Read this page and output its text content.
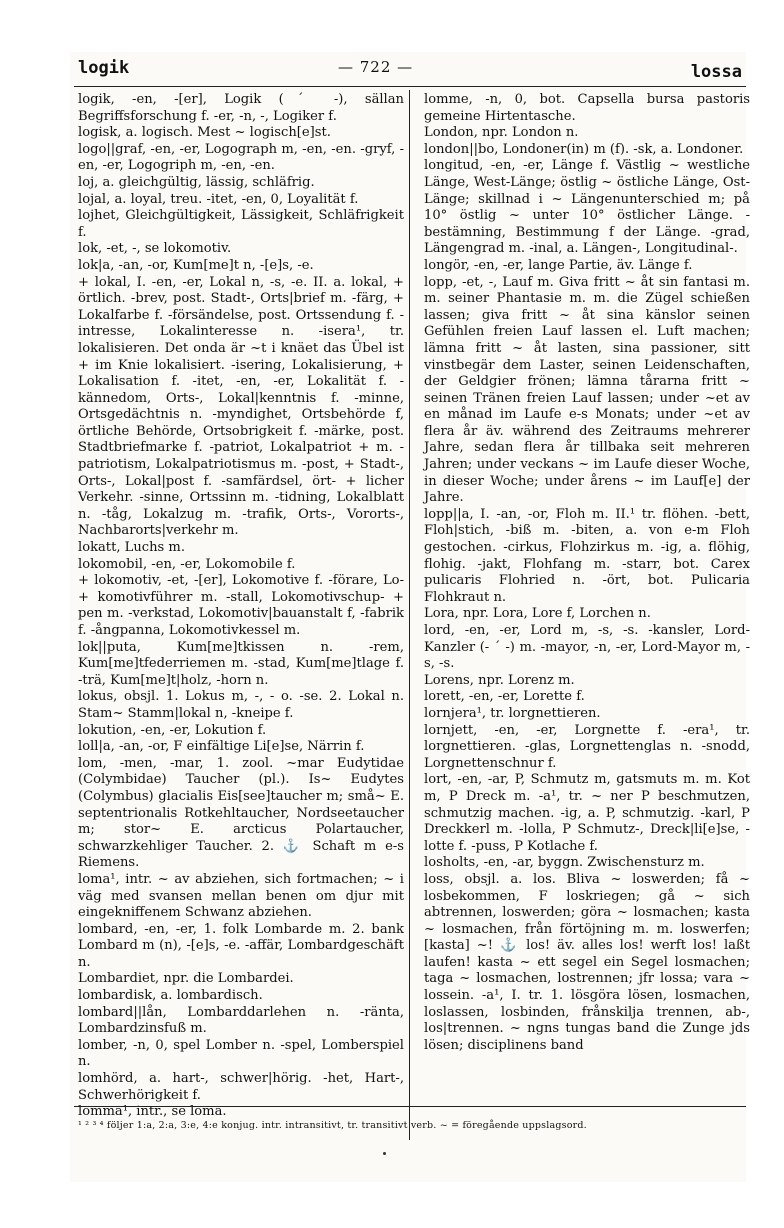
logik	— 722 —	lossa

logik, -en, -[er], Logik (ˊ -), sällan Begriffsforschung f. -er, -n, -, Logiker f.

logisk, a. logisch. Mest ~ logisch[e]st.

logo||graf, -en, -er, Logograph m, -en, -en. -gryf, -en, -er, Logogriph m, -en, -en.

loj, a. gleichgültig, lässig, schläfrig.

lojal, a. loyal, treu. -itet, -en, 0, Loyalität f.

lojhet, Gleichgültigkeit, Lässigkeit, Schläfrigkeit f.

lok, -et, -, se lokomotiv.

lok|a, -an, -or, Kum[me]t n, -[e]s, -e.

+ lokal, I. -en, -er, Lokal n, -s, -e. II. a. lokal, + örtlich. -brev, post. Stadt-, Orts|brief m. -färg, + Lokalfarbe f. -försändelse, post. Ortssendung f. -intresse, Lokalinteresse n. -isera¹, tr. lokalisieren. Det onda är ~t i knäet das Übel ist + im Knie lokalisiert. -isering, Lokalisierung, + Lokalisation f. -itet, -en, -er, Lokalität f. -kännedom, Orts-, Lokal|kenntnis f. -minne, Ortsgedächtnis n. -myndighet, Ortsbehörde f, örtliche Behörde, Ortsobrigkeit f. -märke, post. Stadtbriefmarke f. -patriot, Lokalpatriot + m. -patriotism, Lokalpatriotismus m. -post, + Stadt-, Orts-, Lokal|post f. -samfärdsel, ört- + licher Verkehr. -sinne, Ortssinn m. -tidning, Lokalblatt n. -tåg, Lokalzug m. -trafik, Orts-, Vororts-, Nachbarorts|verkehr m.

lokatt, Luchs m.

lokomobil, -en, -er, Lokomobile f.

+ lokomotiv, -et, -[er], Lokomotive f. -förare, Lo- + komotivführer m. -stall, Lokomotivschup- + pen m. -verkstad, Lokomotiv|bauanstalt f, -fabrik f. -ångpanna, Lokomotivkessel m.

lok||puta, Kum[me]tkissen n. -rem, Kum[me]tfederriemen m. -stad, Kum[me]tlage f. -trä, Kum[me]t|holz, -horn n.

lokus, obsjl. 1. Lokus m, -, - o. -se. 2. Lokal n. Stam~ Stamm|lokal n, -kneipe f.

lokution, -en, -er, Lokution f.

loll|a, -an, -or, F einfältige Li[e]se, Närrin f.

lom, -men, -mar, 1. zool. ~mar Eudytidae (Colymbidae) Taucher (pl.). Is~ Eudytes (Colymbus) glacialis Eis[see]taucher m; små~ E. septentrionalis Rotkehltaucher, Nordseetaucher m; stor~ E. arcticus Polartaucher, schwarzkehliger Taucher. 2. ⚓ Schaft m e-s Riemens.

loma¹, intr. ~ av abziehen, sich fortmachen; ~ i väg med svansen mellan benen om djur mit eingekniffenem Schwanz abziehen.

lombard, -en, -er, 1. folk Lombarde m. 2. bank Lombard m (n), -[e]s, -e. -affär, Lombardgeschäft n.

Lombardiet, npr. die Lombardei.

lombardisk, a. lombardisch.

lombard||lån, Lombarddarlehen n. -ränta, Lombardzinsfuß m.

lomber, -n, 0, spel Lomber n. -spel, Lomberspiel n.

lomhörd, a. hart-, schwer|hörig. -het, Hart-, Schwerhörigkeit f.

lomma¹, intr., se loma.

lomme, -n, 0, bot. Capsella bursa pastoris gemeine Hirtentasche.

London, npr. London n.

london||bo, Londoner(in) m (f). -sk, a. Londoner.

longitud, -en, -er, Länge f. Västlig ~ westliche Länge, West-Länge; östlig ~ östliche Länge, Ost-Länge; skillnad i ~ Längenunterschied m; på 10° östlig ~ unter 10° östlicher Länge. -bestämning, Bestimmung f der Länge. -grad, Längengrad m. -inal, a. Längen-, Longitudinal-.

longör, -en, -er, lange Partie, äv. Länge f.

lopp, -et, -, Lauf m. Giva fritt ~ åt sin fantasi m. m. seiner Phantasie m. m. die Zügel schießen lassen; giva fritt ~ åt sina känslor seinen Gefühlen freien Lauf lassen el. Luft machen; lämna fritt ~ åt lasten, sina passioner, sitt vinstbegär dem Laster, seinen Leidenschaften, der Geldgier frönen; lämna tårarna fritt ~ seinen Tränen freien Lauf lassen; under ~et av en månad im Laufe e-s Monats; under ~et av flera år äv. während des Zeitraums mehrerer Jahre, sedan flera år tillbaka seit mehreren Jahren; under veckans ~ im Laufe dieser Woche, in dieser Woche; under årens ~ im Lauf[e] der Jahre.

lopp||a, I. -an, -or, Floh m. II.¹ tr. flöhen. -bett, Floh|stich, -biß m. -biten, a. von e-m Floh gestochen. -cirkus, Flohzirkus m. -ig, a. flöhig, flohig. -jakt, Flohfang m. -starr, bot. Carex pulicaris Flohried n. -ört, bot. Pulicaria Flohkraut n.

Lora, npr. Lora, Lore f, Lorchen n.

lord, -en, -er, Lord m, -s, -s. -kansler, Lord-Kanzler (- ˊ -) m. -mayor, -n, -er, Lord-Mayor m, -s, -s.

Lorens, npr. Lorenz m.

lorett, -en, -er, Lorette f.

lornjera¹, tr. lorgnettieren.

lornjett, -en, -er, Lorgnette f. -era¹, tr. lorgnettieren. -glas, Lorgnettenglas n. -snodd, Lorgnettenschnur f.

lort, -en, -ar, P, Schmutz m, gatsmuts m. m. Kot m, P Dreck m. -a¹, tr. ~ ner P beschmutzen, schmutzig machen. -ig, a. P, schmutzig. -karl, P Dreckkerl m. -lolla, P Schmutz-, Dreck|li[e]se, -lotte f. -puss, P Kotlache f.

losholts, -en, -ar, byggn. Zwischensturz m.

loss, obsjl. a. los. Bliva ~ loswerden; få ~ losbekommen, F loskriegen; gå ~ sich abtrennen, loswerden; göra ~ losmachen; kasta ~ losmachen, från förtöjning m. m. loswerfen; [kasta] ~! ⚓ los! äv. alles los! werft los! laßt laufen! kasta ~ ett segel ein Segel losmachen; taga ~ losmachen, lostrennen; jfr lossa; vara ~ lossein. -a¹, I. tr. 1. lösgöra lösen, losmachen, loslassen, losbinden, frånskilja trennen, ab-, los|trennen. ~ ngns tungas band die Zunge jds lösen; disciplinens band

¹ ² ³ ⁴ följer 1:a, 2:a, 3:e, 4:e konjug. intr. intransitivt, tr. transitivt verb. ~ = föregående uppslagsord.
